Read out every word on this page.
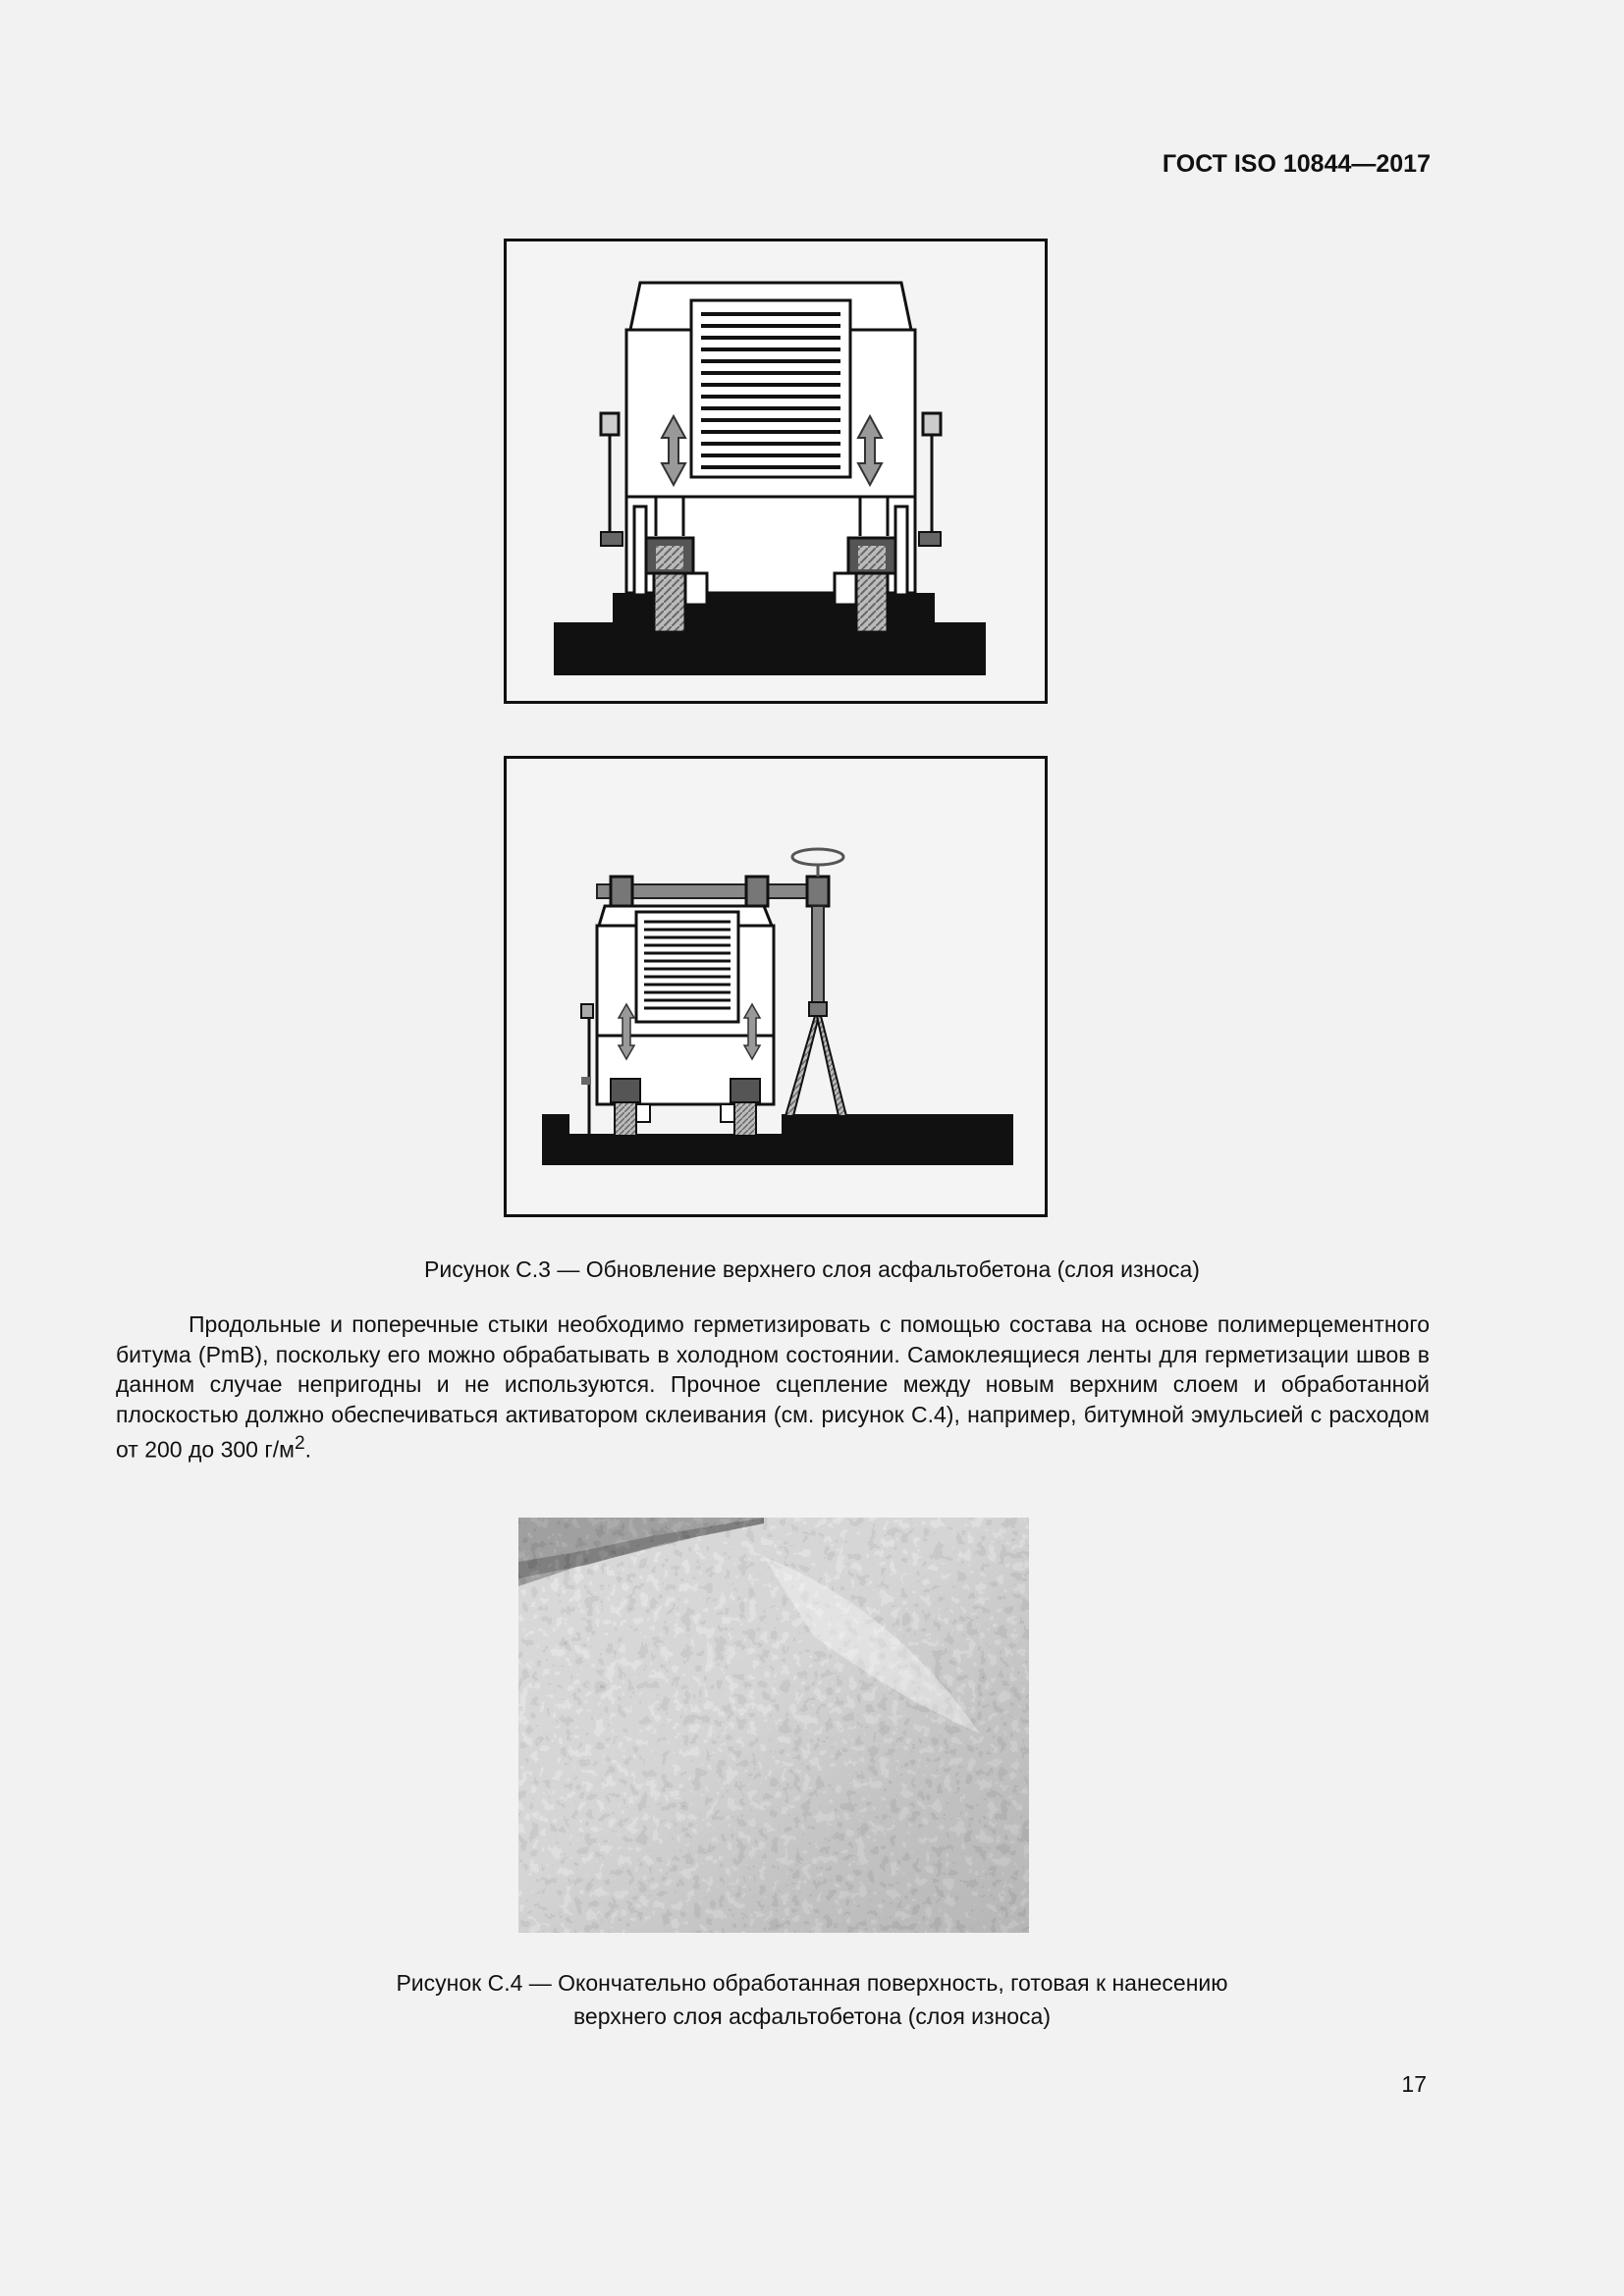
ГОСТ ISO 10844—2017
Рисунок С.3 — Обновление верхнего слоя асфальтобетона (слоя износа)

Продольные и поперечные стыки необходимо герметизировать с помощью состава на основе полимерцементного битума (PmB), поскольку его можно обрабатывать в холодном состоянии. Самоклеящиеся ленты для герметизации швов в данном случае непригодны и не используются. Прочное сцепление между новым верхним слоем и обработанной плоскостью должно обеспечиваться активатором склеивания (см. рисунок С.4), например, битумной эмульсией с расходом от 200 до 300 $г/м^2$.

Рисунок С.4 — Окончательно обработанная поверхность, готовая к нанесению
верхнего слоя асфальтобетона (слоя износа)
17
